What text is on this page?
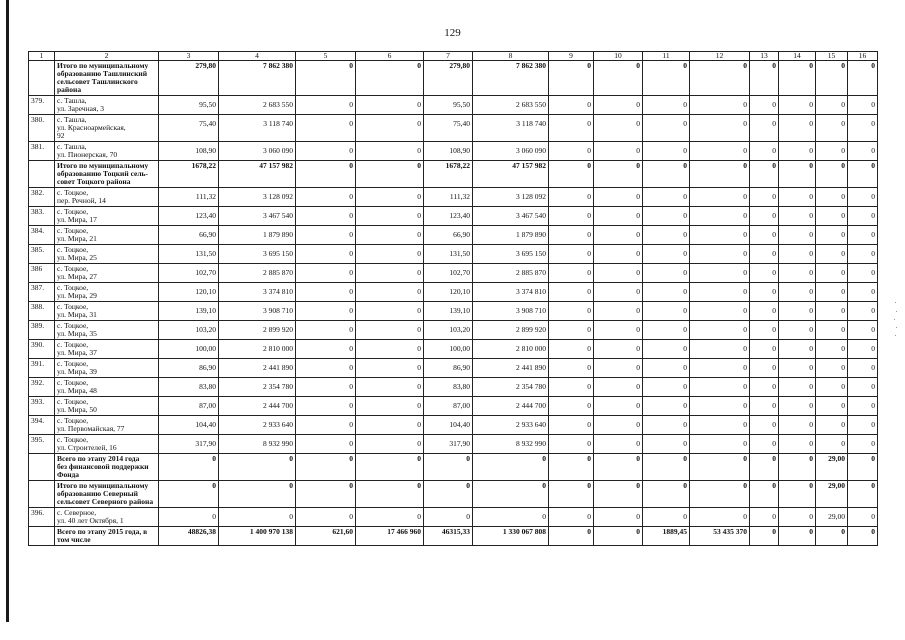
129
1	2	3	4	5	6	7	8	9	10	11	12	13	14	15	16

	Итого по муниципальному
образованию Ташлинский
сельсовет Ташлинского
района	279,80	7 862 380	0	0	279,80	7 862 380	0	0	0	0	0	0	0	0
379.	с. Ташла,
ул. Заречная, 3	95,50	2 683 550	0	0	95,50	2 683 550	0	0	0	0	0	0	0	0
380.	с. Ташла,
ул. Красноармейская,
92	75,40	3 118 740	0	0	75,40	3 118 740	0	0	0	0	0	0	0	0
381.	с. Ташла,
ул. Пионерская, 70	108,90	3 060 090	0	0	108,90	3 060 090	0	0	0	0	0	0	0	0

	Итого по муниципальному
образованию Тоцкий сель-
совет Тоцкого района	1678,22	47 157 982	0	0	1678,22	47 157 982	0	0	0	0	0	0	0	0
382.	с. Тоцкое,
пер. Речной, 14	111,32	3 128 092	0	0	111,32	3 128 092	0	0	0	0	0	0	0	0
383.	с. Тоцкое,
ул. Мира, 17	123,40	3 467 540	0	0	123,40	3 467 540	0	0	0	0	0	0	0	0
384.	с. Тоцкое,
ул. Мира, 21	66,90	1 879 890	0	0	66,90	1 879 890	0	0	0	0	0	0	0	0
385.	с. Тоцкое,
ул. Мира, 25	131,50	3 695 150	0	0	131,50	3 695 150	0	0	0	0	0	0	0	0
386	с. Тоцкое,
ул. Мира, 27	102,70	2 885 870	0	0	102,70	2 885 870	0	0	0	0	0	0	0	0
387.	с. Тоцкое,
ул. Мира, 29	120,10	3 374 810	0	0	120,10	3 374 810	0	0	0	0	0	0	0	0
388.	с. Тоцкое,
ул. Мира, 31	139,10	3 908 710	0	0	139,10	3 908 710	0	0	0	0	0	0	0	0
389.	с. Тоцкое,
ул. Мира, 35	103,20	2 899 920	0	0	103,20	2 899 920	0	0	0	0	0	0	0	0
390.	с. Тоцкое,
ул. Мира, 37	100,00	2 810 000	0	0	100,00	2 810 000	0	0	0	0	0	0	0	0
391.	с. Тоцкое,
ул. Мира, 39	86,90	2 441 890	0	0	86,90	2 441 890	0	0	0	0	0	0	0	0
392.	с. Тоцкое,
ул. Мира, 48	83,80	2 354 780	0	0	83,80	2 354 780	0	0	0	0	0	0	0	0
393.	с. Тоцкое,
ул. Мира, 50	87,00	2 444 700	0	0	87,00	2 444 700	0	0	0	0	0	0	0	0
394.	с. Тоцкое,
ул. Первомайская, 77	104,40	2 933 640	0	0	104,40	2 933 640	0	0	0	0	0	0	0	0
395.	с. Тоцкое,
ул. Строителей, 16	317,90	8 932 990	0	0	317,90	8 932 990	0	0	0	0	0	0	0	0

	Всего по этапу 2014 года
без финансовой поддержки
Фонда	0	0	0	0	0	0	0	0	0	0	0	0	29,00	0

	Итого по муниципальному
образованию Северный
сельсовет Северного района	0	0	0	0	0	0	0	0	0	0	0	0	29,00	0
396.	с. Северное,
ул. 40 лет Октября, 1	0	0	0	0	0	0	0	0	0	0	0	0	29,00	0

	Всего по этапу 2015 года, в
том числе	48826,38	1 400 970 138	621,60	17 466 960	46315,33	1 330 067 808	0	0	1889,45	53 435 370	0	0	0	0
